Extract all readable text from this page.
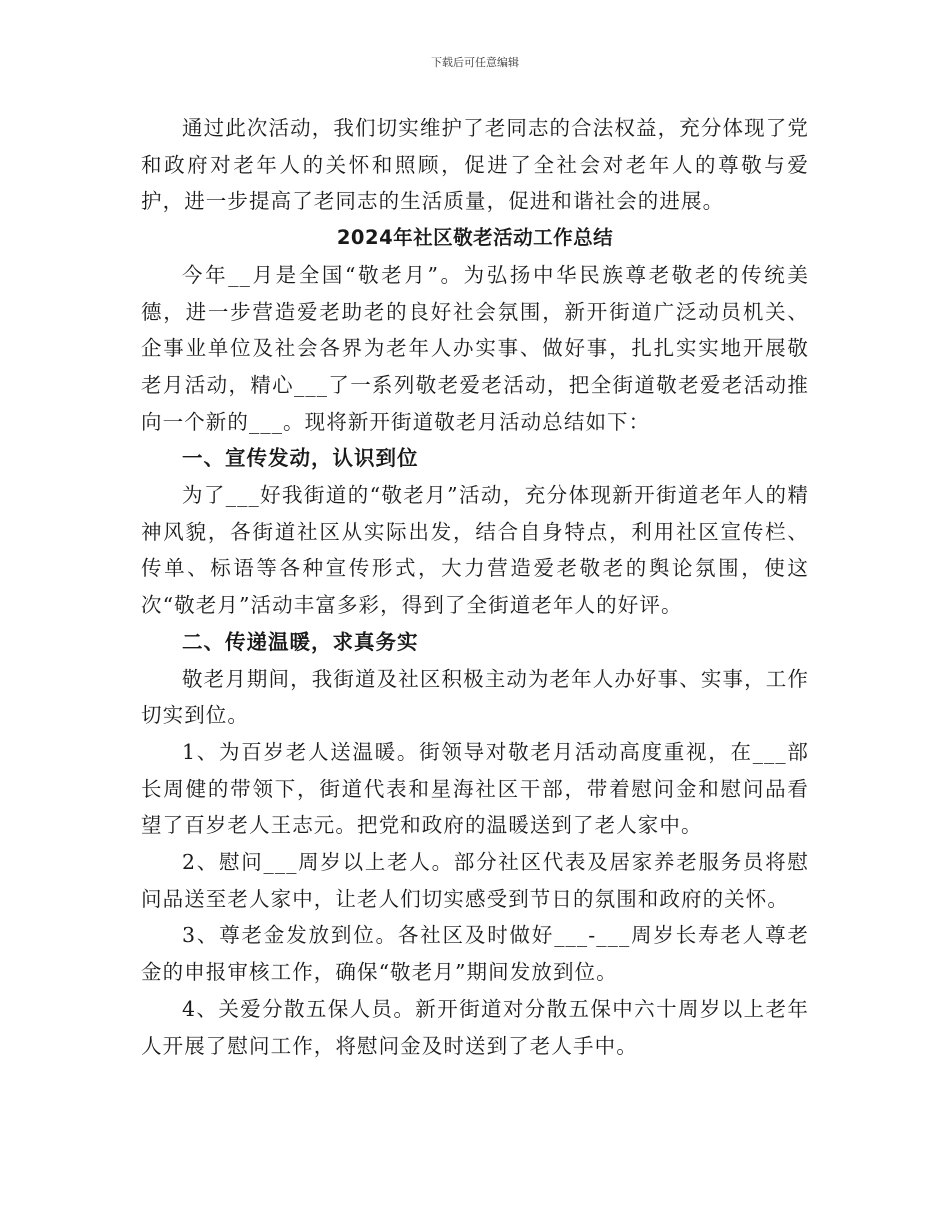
下载后可任意编辑

通过此次活动，我们切实维护了老同志的合法权益，充分体现了党和政府对老年人的关怀和照顾，促进了全社会对老年人的尊敬与爱护，进一步提高了老同志的生活质量，促进和谐社会的进展。

2024年社区敬老活动工作总结

今年__月是全国“敬老月”。为弘扬中华民族尊老敬老的传统美德，进一步营造爱老助老的良好社会氛围，新开街道广泛动员机关、企事业单位及社会各界为老年人办实事、做好事，扎扎实实地开展敬老月活动，精心___了一系列敬老爱老活动，把全街道敬老爱老活动推向一个新的___。现将新开街道敬老月活动总结如下：

一、宣传发动，认识到位

为了___好我街道的“敬老月”活动，充分体现新开街道老年人的精神风貌，各街道社区从实际出发，结合自身特点，利用社区宣传栏、传单、标语等各种宣传形式，大力营造爱老敬老的舆论氛围，使这次“敬老月”活动丰富多彩，得到了全街道老年人的好评。

二、传递温暖，求真务实

敬老月期间，我街道及社区积极主动为老年人办好事、实事，工作切实到位。

1、为百岁老人送温暖。街领导对敬老月活动高度重视，在___部长周健的带领下，街道代表和星海社区干部，带着慰问金和慰问品看望了百岁老人王志元。把党和政府的温暖送到了老人家中。

2、慰问___周岁以上老人。部分社区代表及居家养老服务员将慰问品送至老人家中，让老人们切实感受到节日的氛围和政府的关怀。

3、尊老金发放到位。各社区及时做好___-___周岁长寿老人尊老金的申报审核工作，确保“敬老月”期间发放到位。

4、关爱分散五保人员。新开街道对分散五保中六十周岁以上老年人开展了慰问工作，将慰问金及时送到了老人手中。
